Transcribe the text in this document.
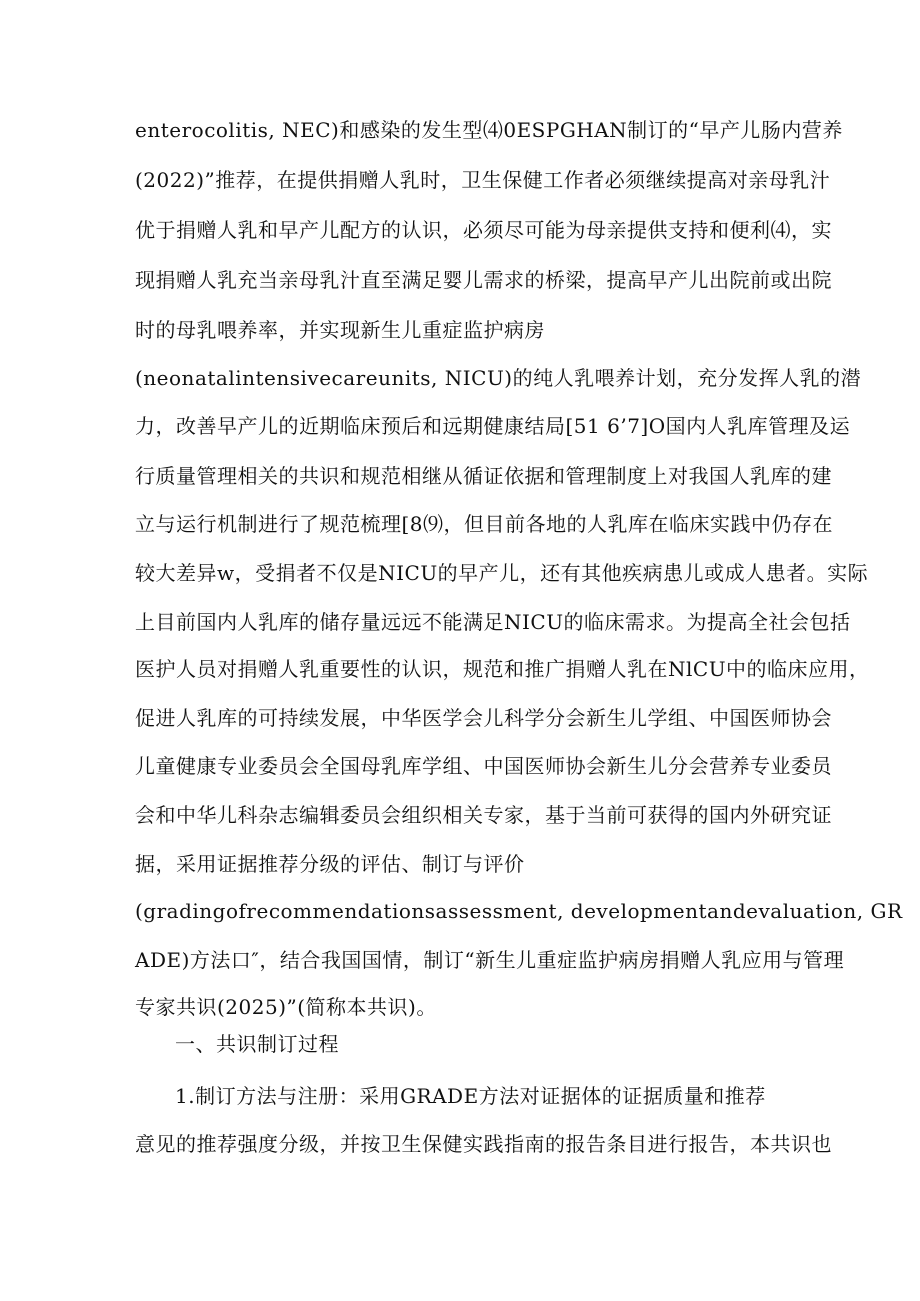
enterocolitis, NEC)和感染的发生型⑷0ESPGHAN制订的“早产儿肠内营养
(2022)”推荐，在提供捐赠人乳时，卫生保健工作者必须继续提高对亲母乳汁
优于捐赠人乳和早产儿配方的认识，必须尽可能为母亲提供支持和便利⑷，实
现捐赠人乳充当亲母乳汁直至满足婴儿需求的桥梁，提高早产儿出院前或出院
时的母乳喂养率，并实现新生儿重症监护病房
(neonatalintensivecareunits, NICU)的纯人乳喂养计划，充分发挥人乳的潜
力，改善早产儿的近期临床预后和远期健康结局[51 6’7]O国内人乳库管理及运
行质量管理相关的共识和规范相继从循证依据和管理制度上对我国人乳库的建
立与运行机制进行了规范梳理[8⑼，但目前各地的人乳库在临床实践中仍存在
较大差异w，受捐者不仅是NICU的早产儿，还有其他疾病患儿或成人患者。实际
上目前国内人乳库的储存量远远不能满足NICU的临床需求。为提高全社会包括
医护人员对捐赠人乳重要性的认识，规范和推广捐赠人乳在NlCU中的临床应用，
促进人乳库的可持续发展，中华医学会儿科学分会新生儿学组、中国医师协会
儿童健康专业委员会全国母乳库学组、中国医师协会新生儿分会营养专业委员
会和中华儿科杂志编辑委员会组织相关专家，基于当前可获得的国内外研究证
据，采用证据推荐分级的评估、制订与评价
(gradingofrecommendationsassessment, developmentandevaluation, GR
ADE)方法口″，结合我国国情，制订“新生儿重症监护病房捐赠人乳应用与管理
专家共识(2025)”(简称本共识)。
一、共识制订过程
1.制订方法与注册：采用GRADE方法对证据体的证据质量和推荐
意见的推荐强度分级，并按卫生保健实践指南的报告条目进行报告，本共识也
